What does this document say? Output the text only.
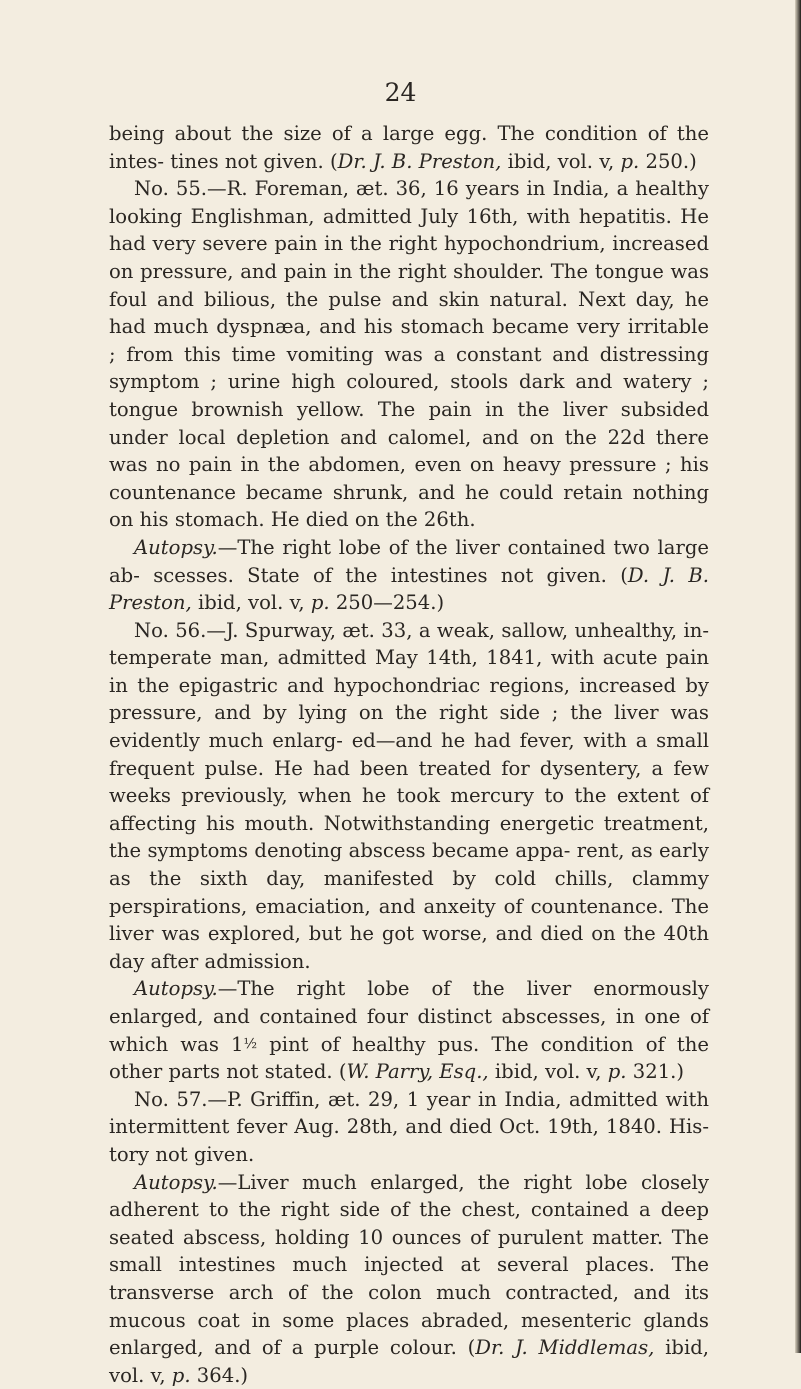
24

being about the size of a large egg. The condition of the intes- tines not given. (Dr. J. B. Preston, ibid, vol. v, p. 250.)

No. 55.—R. Foreman, æt. 36, 16 years in India, a healthy looking Englishman, admitted July 16th, with hepatitis. He had very severe pain in the right hypochondrium, increased on pressure, and pain in the right shoulder. The tongue was foul and bilious, the pulse and skin natural. Next day, he had much dyspnæa, and his stomach became very irritable ; from this time vomiting was a constant and distressing symptom ; urine high coloured, stools dark and watery ; tongue brownish yellow. The pain in the liver subsided under local depletion and calomel, and on the 22d there was no pain in the abdomen, even on heavy pressure ; his countenance became shrunk, and he could retain nothing on his stomach. He died on the 26th.

Autopsy.—The right lobe of the liver contained two large ab- scesses. State of the intestines not given. (D. J. B. Preston, ibid, vol. v, p. 250—254.)

No. 56.—J. Spurway, æt. 33, a weak, sallow, unhealthy, in- temperate man, admitted May 14th, 1841, with acute pain in the epigastric and hypochondriac regions, increased by pressure, and by lying on the right side ; the liver was evidently much enlarg- ed—and he had fever, with a small frequent pulse. He had been treated for dysentery, a few weeks previously, when he took mercury to the extent of affecting his mouth. Notwithstanding energetic treatment, the symptoms denoting abscess became appa- rent, as early as the sixth day, manifested by cold chills, clammy perspirations, emaciation, and anxeity of countenance. The liver was explored, but he got worse, and died on the 40th day after admission.

Autopsy.—The right lobe of the liver enormously enlarged, and contained four distinct abscesses, in one of which was 1½ pint of healthy pus. The condition of the other parts not stated. (W. Parry, Esq., ibid, vol. v, p. 321.)

No. 57.—P. Griffin, æt. 29, 1 year in India, admitted with intermittent fever Aug. 28th, and died Oct. 19th, 1840. His- tory not given.

Autopsy.—Liver much enlarged, the right lobe closely adherent to the right side of the chest, contained a deep seated abscess, holding 10 ounces of purulent matter. The small intestines much injected at several places. The transverse arch of the colon much contracted, and its mucous coat in some places abraded, mesenteric glands enlarged, and of a purple colour. (Dr. J. Middlemas, ibid, vol. v, p. 364.)
